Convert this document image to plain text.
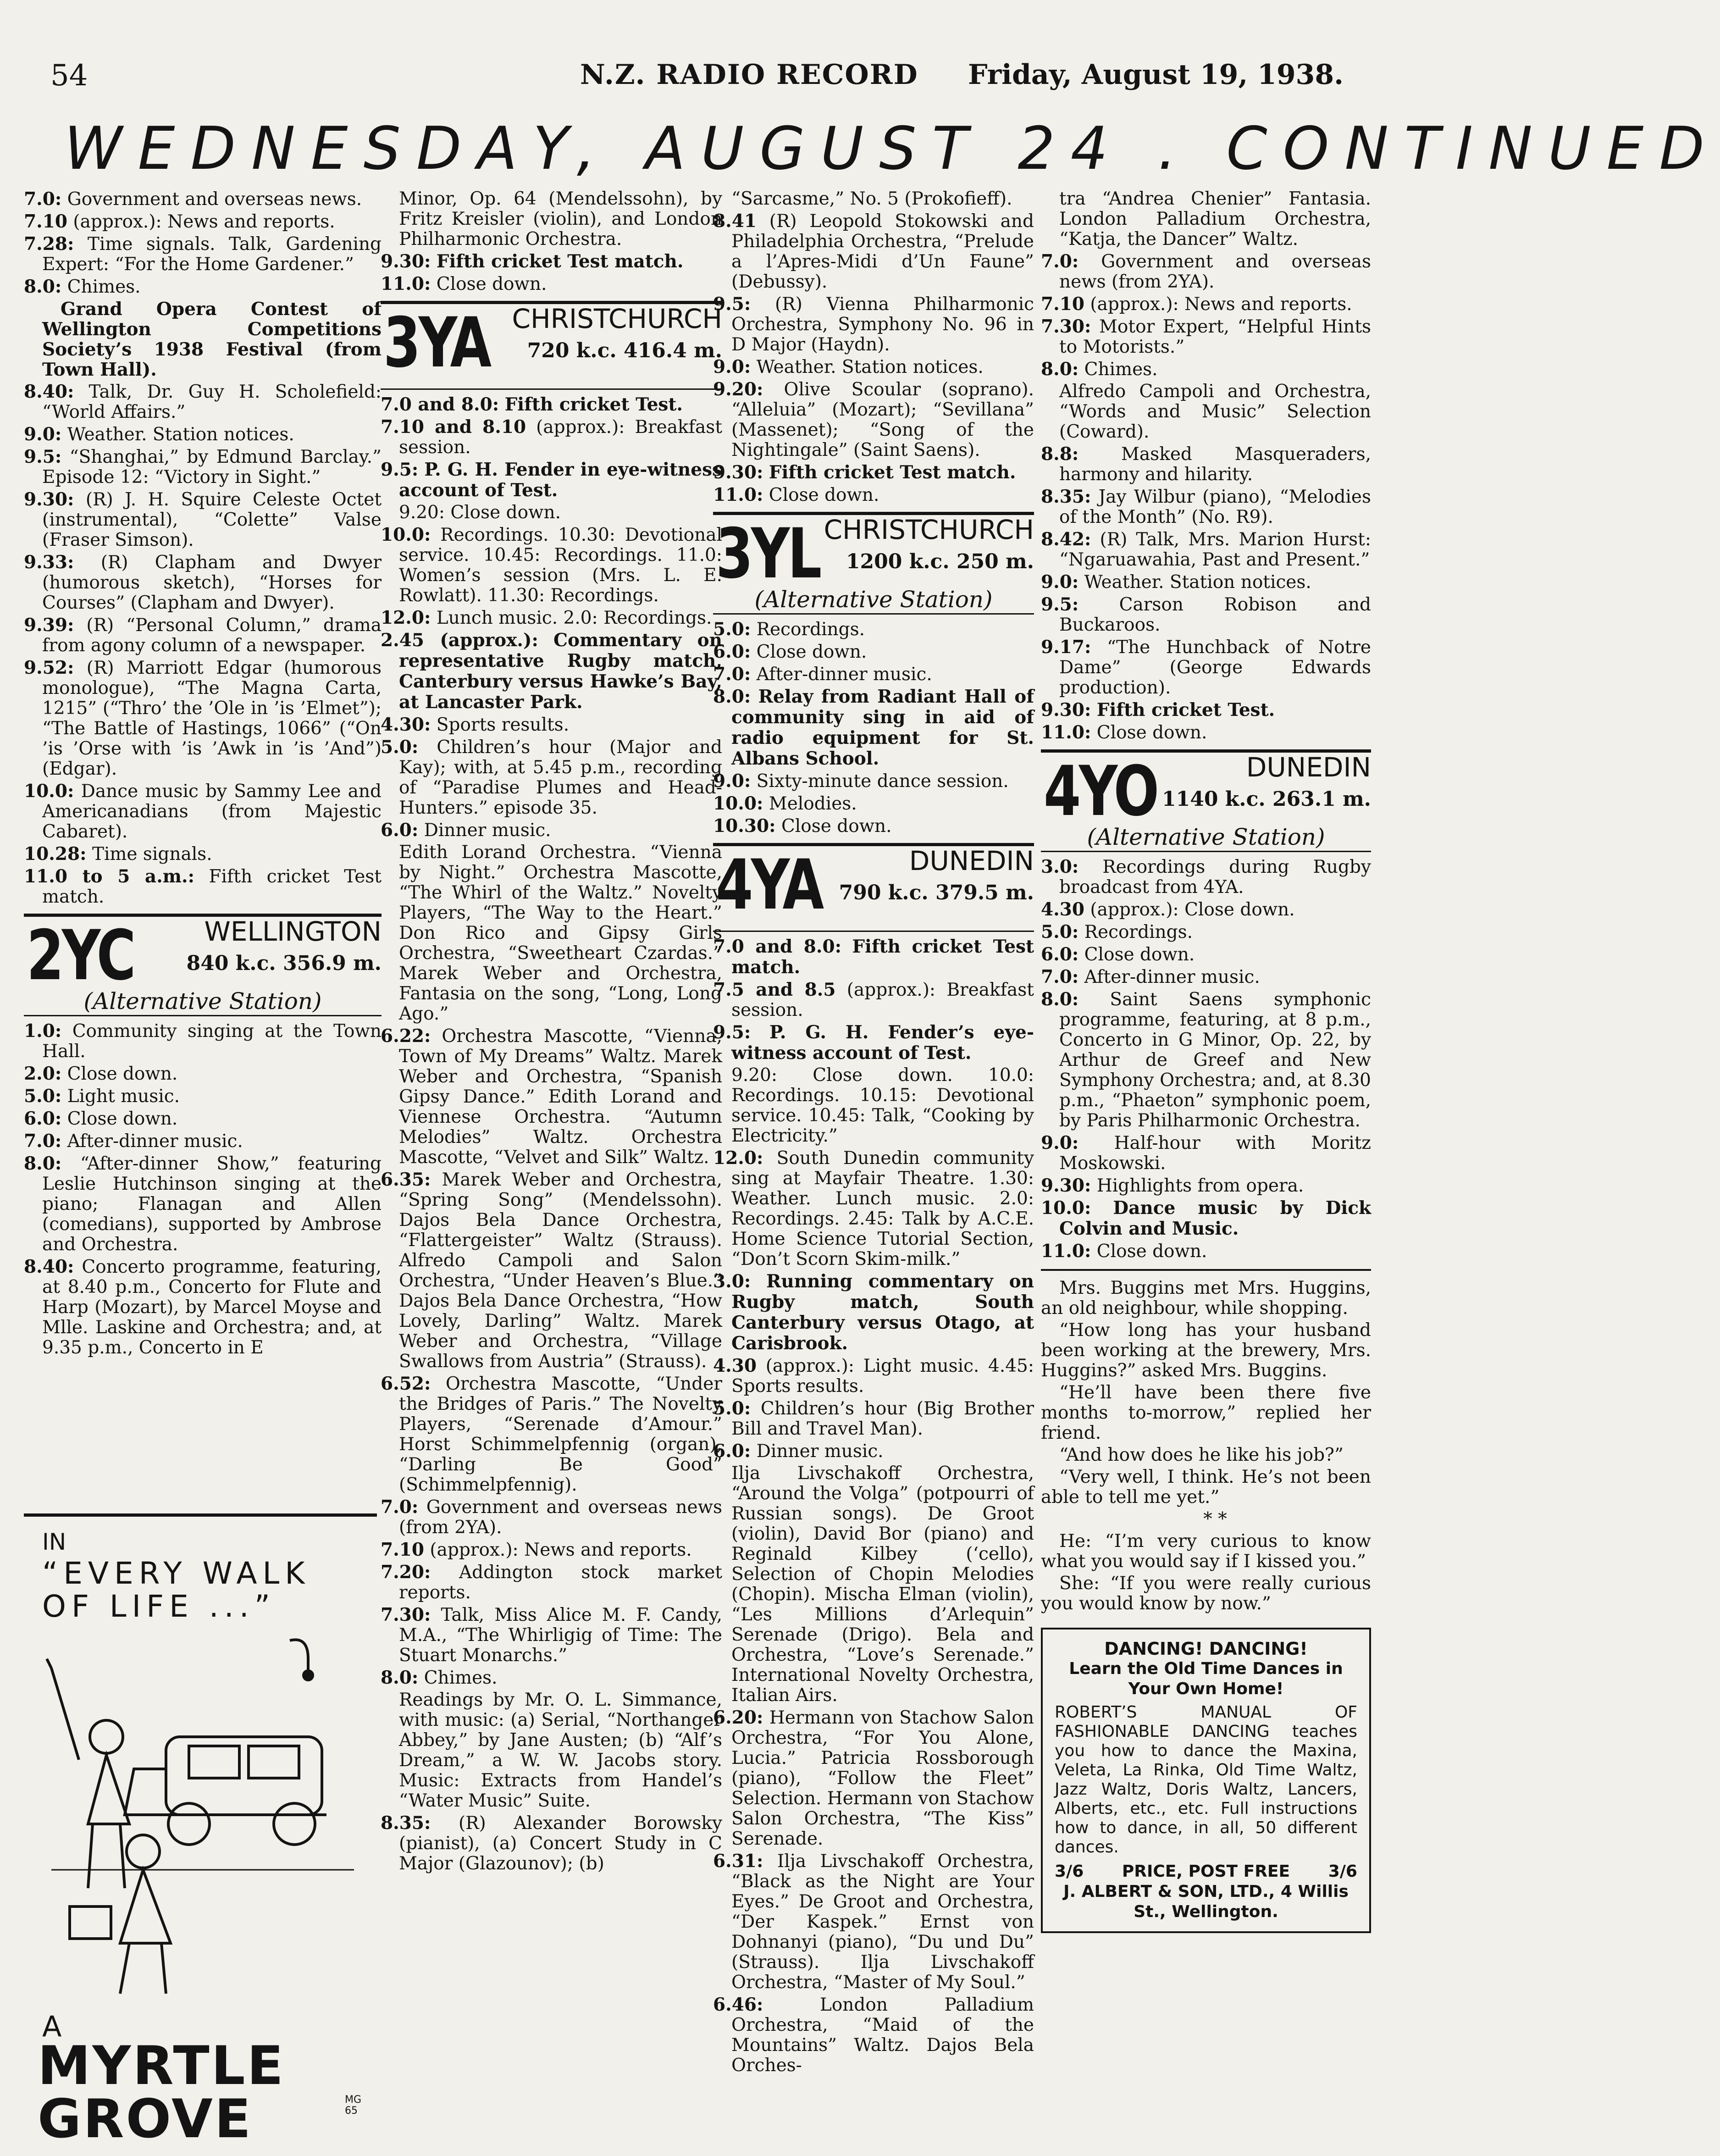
54	N.Z. RADIO RECORD Friday, August 19, 1938.
WEDNESDAY, AUGUST 24 . CONTINUED
7.0: Government and overseas news.
7.10 (approx.): News and reports.
7.28: Time signals. Talk, Gardening Expert: “For the Home Gardener.”
8.0: Chimes.
Grand Opera Contest of Wellington Competitions Society’s 1938 Festival (from Town Hall).
8.40: Talk, Dr. Guy H. Scholefield: “World Affairs.”
9.0: Weather. Station notices.
9.5: “Shanghai,” by Edmund Barclay.” Episode 12: “Victory in Sight.”
9.30: (R) J. H. Squire Celeste Octet (instrumental), “Colette” Valse (Fraser Simson).
9.33: (R) Clapham and Dwyer (humorous sketch), “Horses for Courses” (Clapham and Dwyer).
9.39: (R) “Personal Column,” drama from agony column of a newspaper.
9.52: (R) Marriott Edgar (humorous monologue), “The Magna Carta, 1215” (“Thro’ the ’Ole in ’is ’Elmet”); “The Battle of Hastings, 1066” (“On ’is ’Orse with ’is ’Awk in ’is ’And”) (Edgar).
10.0: Dance music by Sammy Lee and Americanadians (from Majestic Cabaret).
10.28: Time signals.
11.0 to 5 a.m.: Fifth cricket Test match.
2YC	WELLINGTON
840 k.c. 356.9 m.
(Alternative Station)
1.0: Community singing at the Town Hall.
2.0: Close down.
5.0: Light music.
6.0: Close down.
7.0: After-dinner music.
8.0: “After-dinner Show,” featuring Leslie Hutchinson singing at the piano; Flanagan and Allen (comedians), supported by Ambrose and Orchestra.
8.40: Concerto programme, featuring, at 8.40 p.m., Concerto for Flute and Harp (Mozart), by Marcel Moyse and Mlle. Laskine and Orchestra; and, at 9.35 p.m., Concerto in E
IN
“EVERY WALK
OF LIFE ...”
A
MYRTLE
GROVE	MG
65
Minor, Op. 64 (Mendelssohn), by Fritz Kreisler (violin), and London Philharmonic Orchestra.
9.30: Fifth cricket Test match.
11.0: Close down.
3YA CHRISTCHURCH
720 k.c. 416.4 m.
7.0 and 8.0: Fifth cricket Test.
7.10 and 8.10 (approx.): Breakfast session.
9.5: P. G. H. Fender in eye-witness account of Test.
9.20: Close down.
10.0: Recordings. 10.30: Devotional service. 10.45: Recordings. 11.0: Women’s session (Mrs. L. E. Rowlatt). 11.30: Recordings.
12.0: Lunch music. 2.0: Recordings.
2.45 (approx.): Commentary on representative Rugby match, Canterbury versus Hawke’s Bay, at Lancaster Park.
4.30: Sports results.
5.0: Children’s hour (Major and Kay); with, at 5.45 p.m., recording of “Paradise Plumes and Head-Hunters.” episode 35.
6.0: Dinner music.
Edith Lorand Orchestra. “Vienna by Night.” Orchestra Mascotte, “The Whirl of the Waltz.” Novelty Players, “The Way to the Heart.” Don Rico and Gipsy Girls Orchestra, “Sweetheart Czardas.” Marek Weber and Orchestra, Fantasia on the song, “Long, Long Ago.”
6.22: Orchestra Mascotte, “Vienna, Town of My Dreams” Waltz. Marek Weber and Orchestra, “Spanish Gipsy Dance.” Edith Lorand and Viennese Orchestra. “Autumn Melodies” Waltz. Orchestra Mascotte, “Velvet and Silk” Waltz.
6.35: Marek Weber and Orchestra, “Spring Song” (Mendelssohn). Dajos Bela Dance Orchestra, “Flattergeister” Waltz (Strauss). Alfredo Campoli and Salon Orchestra, “Under Heaven’s Blue.” Dajos Bela Dance Orchestra, “How Lovely, Darling” Waltz. Marek Weber and Orchestra, “Village Swallows from Austria” (Strauss).
6.52: Orchestra Mascotte, “Under the Bridges of Paris.” The Novelty Players, “Serenade d’Amour.” Horst Schimmelpfennig (organ), “Darling Be Good” (Schimmelpfennig).
7.0: Government and overseas news (from 2YA).
7.10 (approx.): News and reports.
7.20: Addington stock market reports.
7.30: Talk, Miss Alice M. F. Candy, M.A., “The Whirligig of Time: The Stuart Monarchs.”
8.0: Chimes.
Readings by Mr. O. L. Simmance, with music: (a) Serial, “Northanger Abbey,” by Jane Austen; (b) “Alf’s Dream,” a W. W. Jacobs story. Music: Extracts from Handel’s “Water Music” Suite.
8.35: (R) Alexander Borowsky (pianist), (a) Concert Study in C Major (Glazounov); (b)
“Sarcasme,” No. 5 (Prokofieff).
8.41 (R) Leopold Stokowski and Philadelphia Orchestra, “Prelude a l’Apres-Midi d’Un Faune” (Debussy).
9.5: (R) Vienna Philharmonic Orchestra, Symphony No. 96 in D Major (Haydn).
9.0: Weather. Station notices.
9.20: Olive Scoular (soprano). “Alleluia” (Mozart); “Sevillana” (Massenet); “Song of the Nightingale” (Saint Saens).
9.30: Fifth cricket Test match.
11.0: Close down.
3YL CHRISTCHURCH
1200 k.c. 250 m.
(Alternative Station)
5.0: Recordings.
6.0: Close down.
7.0: After-dinner music.
8.0: Relay from Radiant Hall of community sing in aid of radio equipment for St. Albans School.
9.0: Sixty-minute dance session.
10.0: Melodies.
10.30: Close down.
4YA	DUNEDIN
790 k.c. 379.5 m.
7.0 and 8.0: Fifth cricket Test match.
7.5 and 8.5 (approx.): Breakfast session.
9.5: P. G. H. Fender’s eye-witness account of Test.
9.20: Close down. 10.0: Recordings. 10.15: Devotional service. 10.45: Talk, “Cooking by Electricity.”
12.0: South Dunedin community sing at Mayfair Theatre. 1.30: Weather. Lunch music. 2.0: Recordings. 2.45: Talk by A.C.E. Home Science Tutorial Section, “Don’t Scorn Skim-milk.”
3.0: Running commentary on Rugby match, South Canterbury versus Otago, at Carisbrook.
4.30 (approx.): Light music. 4.45: Sports results.
5.0: Children’s hour (Big Brother Bill and Travel Man).
6.0: Dinner music.
Ilja Livschakoff Orchestra, “Around the Volga” (potpourri of Russian songs). De Groot (violin), David Bor (piano) and Reginald Kilbey (‘cello), Selection of Chopin Melodies (Chopin). Mischa Elman (violin), “Les Millions d’Arlequin” Serenade (Drigo). Bela and Orchestra, “Love’s Serenade.” International Novelty Orchestra, Italian Airs.
6.20: Hermann von Stachow Salon Orchestra, “For You Alone, Lucia.” Patricia Rossborough (piano), “Follow the Fleet” Selection. Hermann von Stachow Salon Orchestra, “The Kiss” Serenade.
6.31: Ilja Livschakoff Orchestra, “Black as the Night are Your Eyes.” De Groot and Orchestra, “Der Kaspek.” Ernst von Dohnanyi (piano), “Du und Du” (Strauss). Ilja Livschakoff Orchestra, “Master of My Soul.”
6.46:	London Palladium Orchestra, “Maid of the Mountains” Waltz. Dajos Bela Orches-
tra “Andrea Chenier” Fantasia. London Palladium Orchestra, “Katja, the Dancer” Waltz.
7.0: Government and overseas news (from 2YA).
7.10 (approx.): News and reports.
7.30: Motor Expert, “Helpful Hints to Motorists.”
8.0: Chimes.
Alfredo Campoli and Orchestra, “Words and Music” Selection (Coward).
8.8: Masked Masqueraders, harmony and hilarity.
8.35: Jay Wilbur (piano), “Melodies of the Month” (No. R9).
8.42: (R) Talk, Mrs. Marion Hurst: “Ngaruawahia, Past and Present.”
9.0: Weather. Station notices.
9.5: Carson Robison and Buckaroos.
9.17: “The Hunchback of Notre Dame” (George Edwards production).
9.30: Fifth cricket Test.
11.0: Close down.
4YO	DUNEDIN
1140 k.c. 263.1 m.
(Alternative Station)
3.0: Recordings during Rugby broadcast from 4YA.
4.30 (approx.): Close down.
5.0: Recordings.
6.0: Close down.
7.0: After-dinner music.
8.0: Saint Saens symphonic programme, featuring, at 8 p.m., Concerto in G Minor, Op. 22, by Arthur de Greef and New Symphony Orchestra; and, at 8.30 p.m., “Phaeton” symphonic poem, by Paris Philharmonic Orchestra.
9.0: Half-hour with Moritz Moskowski.
9.30: Highlights from opera.
10.0: Dance music by Dick Colvin and Music.
11.0: Close down.
Mrs. Buggins met Mrs. Huggins, an old neighbour, while shopping.
“How long has your husband been working at the brewery, Mrs. Huggins?” asked Mrs. Buggins.
“He’ll have been there five months to-morrow,” replied her friend.
“And how does he like his job?”
“Very well, I think. He’s not been able to tell me yet.”
* *
He: “I’m very curious to know what you would say if I kissed you.”
She: “If you were really curious you would know by now.”
DANCING! DANCING!
Learn the Old Time Dances in Your Own Home!
ROBERT’S MANUAL OF FASHIONABLE DANCING teaches you how to dance the Maxina, Veleta, La Rinka, Old Time Waltz, Jazz Waltz, Doris Waltz, Lancers, Alberts, etc., etc. Full instructions how to dance, in all, 50 different dances.
3/6 PRICE, POST FREE 3/6
J. ALBERT & SON, LTD., 4 Willis St., Wellington.
